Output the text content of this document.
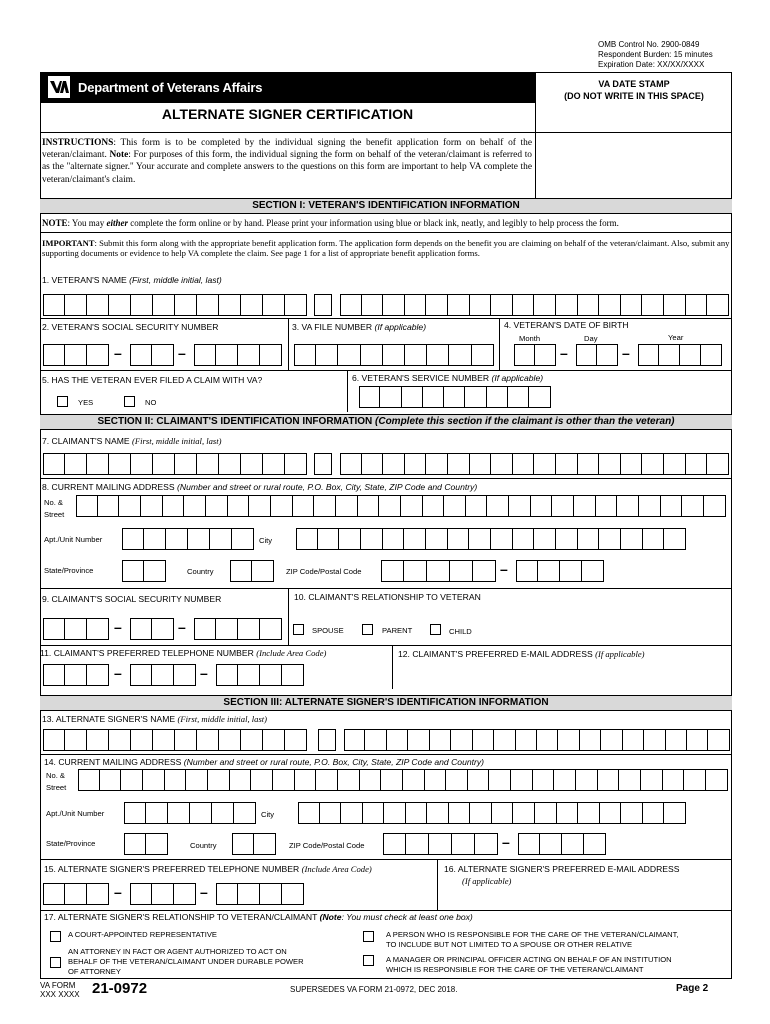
OMB Control No. 2900-0849
Respondent Burden: 15 minutes
Expiration Date: XX/XX/XXXX
Department of Veterans Affairs	VA DATE STAMP
(DO NOT WRITE IN THIS SPACE)
ALTERNATE SIGNER CERTIFICATION
INSTRUCTIONS: This form is to be completed by the individual signing the benefit application form on behalf of the veteran/claimant. Note: For purposes of this form, the individual signing the form on behalf of the veteran/claimant is referred to as the "alternate signer." Your accurate and complete answers to the questions on this form are important to help VA complete the veteran/claimant's claim.
SECTION I: VETERAN'S IDENTIFICATION INFORMATION
NOTE: You may either complete the form online or by hand. Please print your information using blue or black ink, neatly, and legibly to help process the form.
IMPORTANT: Submit this form along with the appropriate benefit application form. The application form depends on the benefit you are claiming on behalf of the veteran/claimant. Also, submit any supporting documents or evidence to help VA complete the claim. See page 1 for a list of appropriate benefit application forms.
1. VETERAN'S NAME (First, middle initial, last)
2. VETERAN'S SOCIAL SECURITY NUMBER	3. VA FILE NUMBER (If applicable)	4. VETERAN'S DATE OF BIRTH
Month	Day	Year
–	–	–	–
5. HAS THE VETERAN EVER FILED A CLAIM WITH VA?
YES	NO
6. VETERAN'S SERVICE NUMBER (If applicable)
SECTION II: CLAIMANT'S IDENTIFICATION INFORMATION (Complete this section if the claimant is other than the veteran)
7. CLAIMANT'S NAME (First, middle initial, last)
8. CURRENT MAILING ADDRESS (Number and street or rural route, P.O. Box, City, State, ZIP Code and Country)
No. &
Street
Apt./Unit Number	City
State/Province	Country	ZIP Code/Postal Code	–
9. CLAIMANT'S SOCIAL SECURITY NUMBER	10. CLAIMANT'S RELATIONSHIP TO VETERAN
–	–	SPOUSE	PARENT	CHILD
11. CLAIMANT'S PREFERRED TELEPHONE NUMBER (Include Area Code)	12. CLAIMANT'S PREFERRED E-MAIL ADDRESS (If applicable)
–	–
SECTION III: ALTERNATE SIGNER'S IDENTIFICATION INFORMATION
13. ALTERNATE SIGNER'S NAME (First, middle initial, last)
14. CURRENT MAILING ADDRESS (Number and street or rural route, P.O. Box, City, State, ZIP Code and Country)
No. &
Street
Apt./Unit Number	City
State/Province	Country	ZIP Code/Postal Code	–
15. ALTERNATE SIGNER'S PREFERRED TELEPHONE NUMBER (Include Area Code)	16. ALTERNATE SIGNER'S PREFERRED E-MAIL ADDRESS
(If applicable)
–	–
17. ALTERNATE SIGNER'S RELATIONSHIP TO VETERAN/CLAIMANT (Note: You must check at least one box)
A COURT-APPOINTED REPRESENTATIVE
AN ATTORNEY IN FACT OR AGENT AUTHORIZED TO ACT ON
BEHALF OF THE VETERAN/CLAIMANT UNDER DURABLE POWER
OF ATTORNEY
A PERSON WHO IS RESPONSIBLE FOR THE CARE OF THE VETERAN/CLAIMANT,
TO INCLUDE BUT NOT LIMITED TO A SPOUSE OR OTHER RELATIVE
A MANAGER OR PRINCIPAL OFFICER ACTING ON BEHALF OF AN INSTITUTION
WHICH IS RESPONSIBLE FOR THE CARE OF THE VETERAN/CLAIMANT
VA FORM
XXX XXXX 21-0972	SUPERSEDES VA FORM 21-0972, DEC 2018.	Page 2
